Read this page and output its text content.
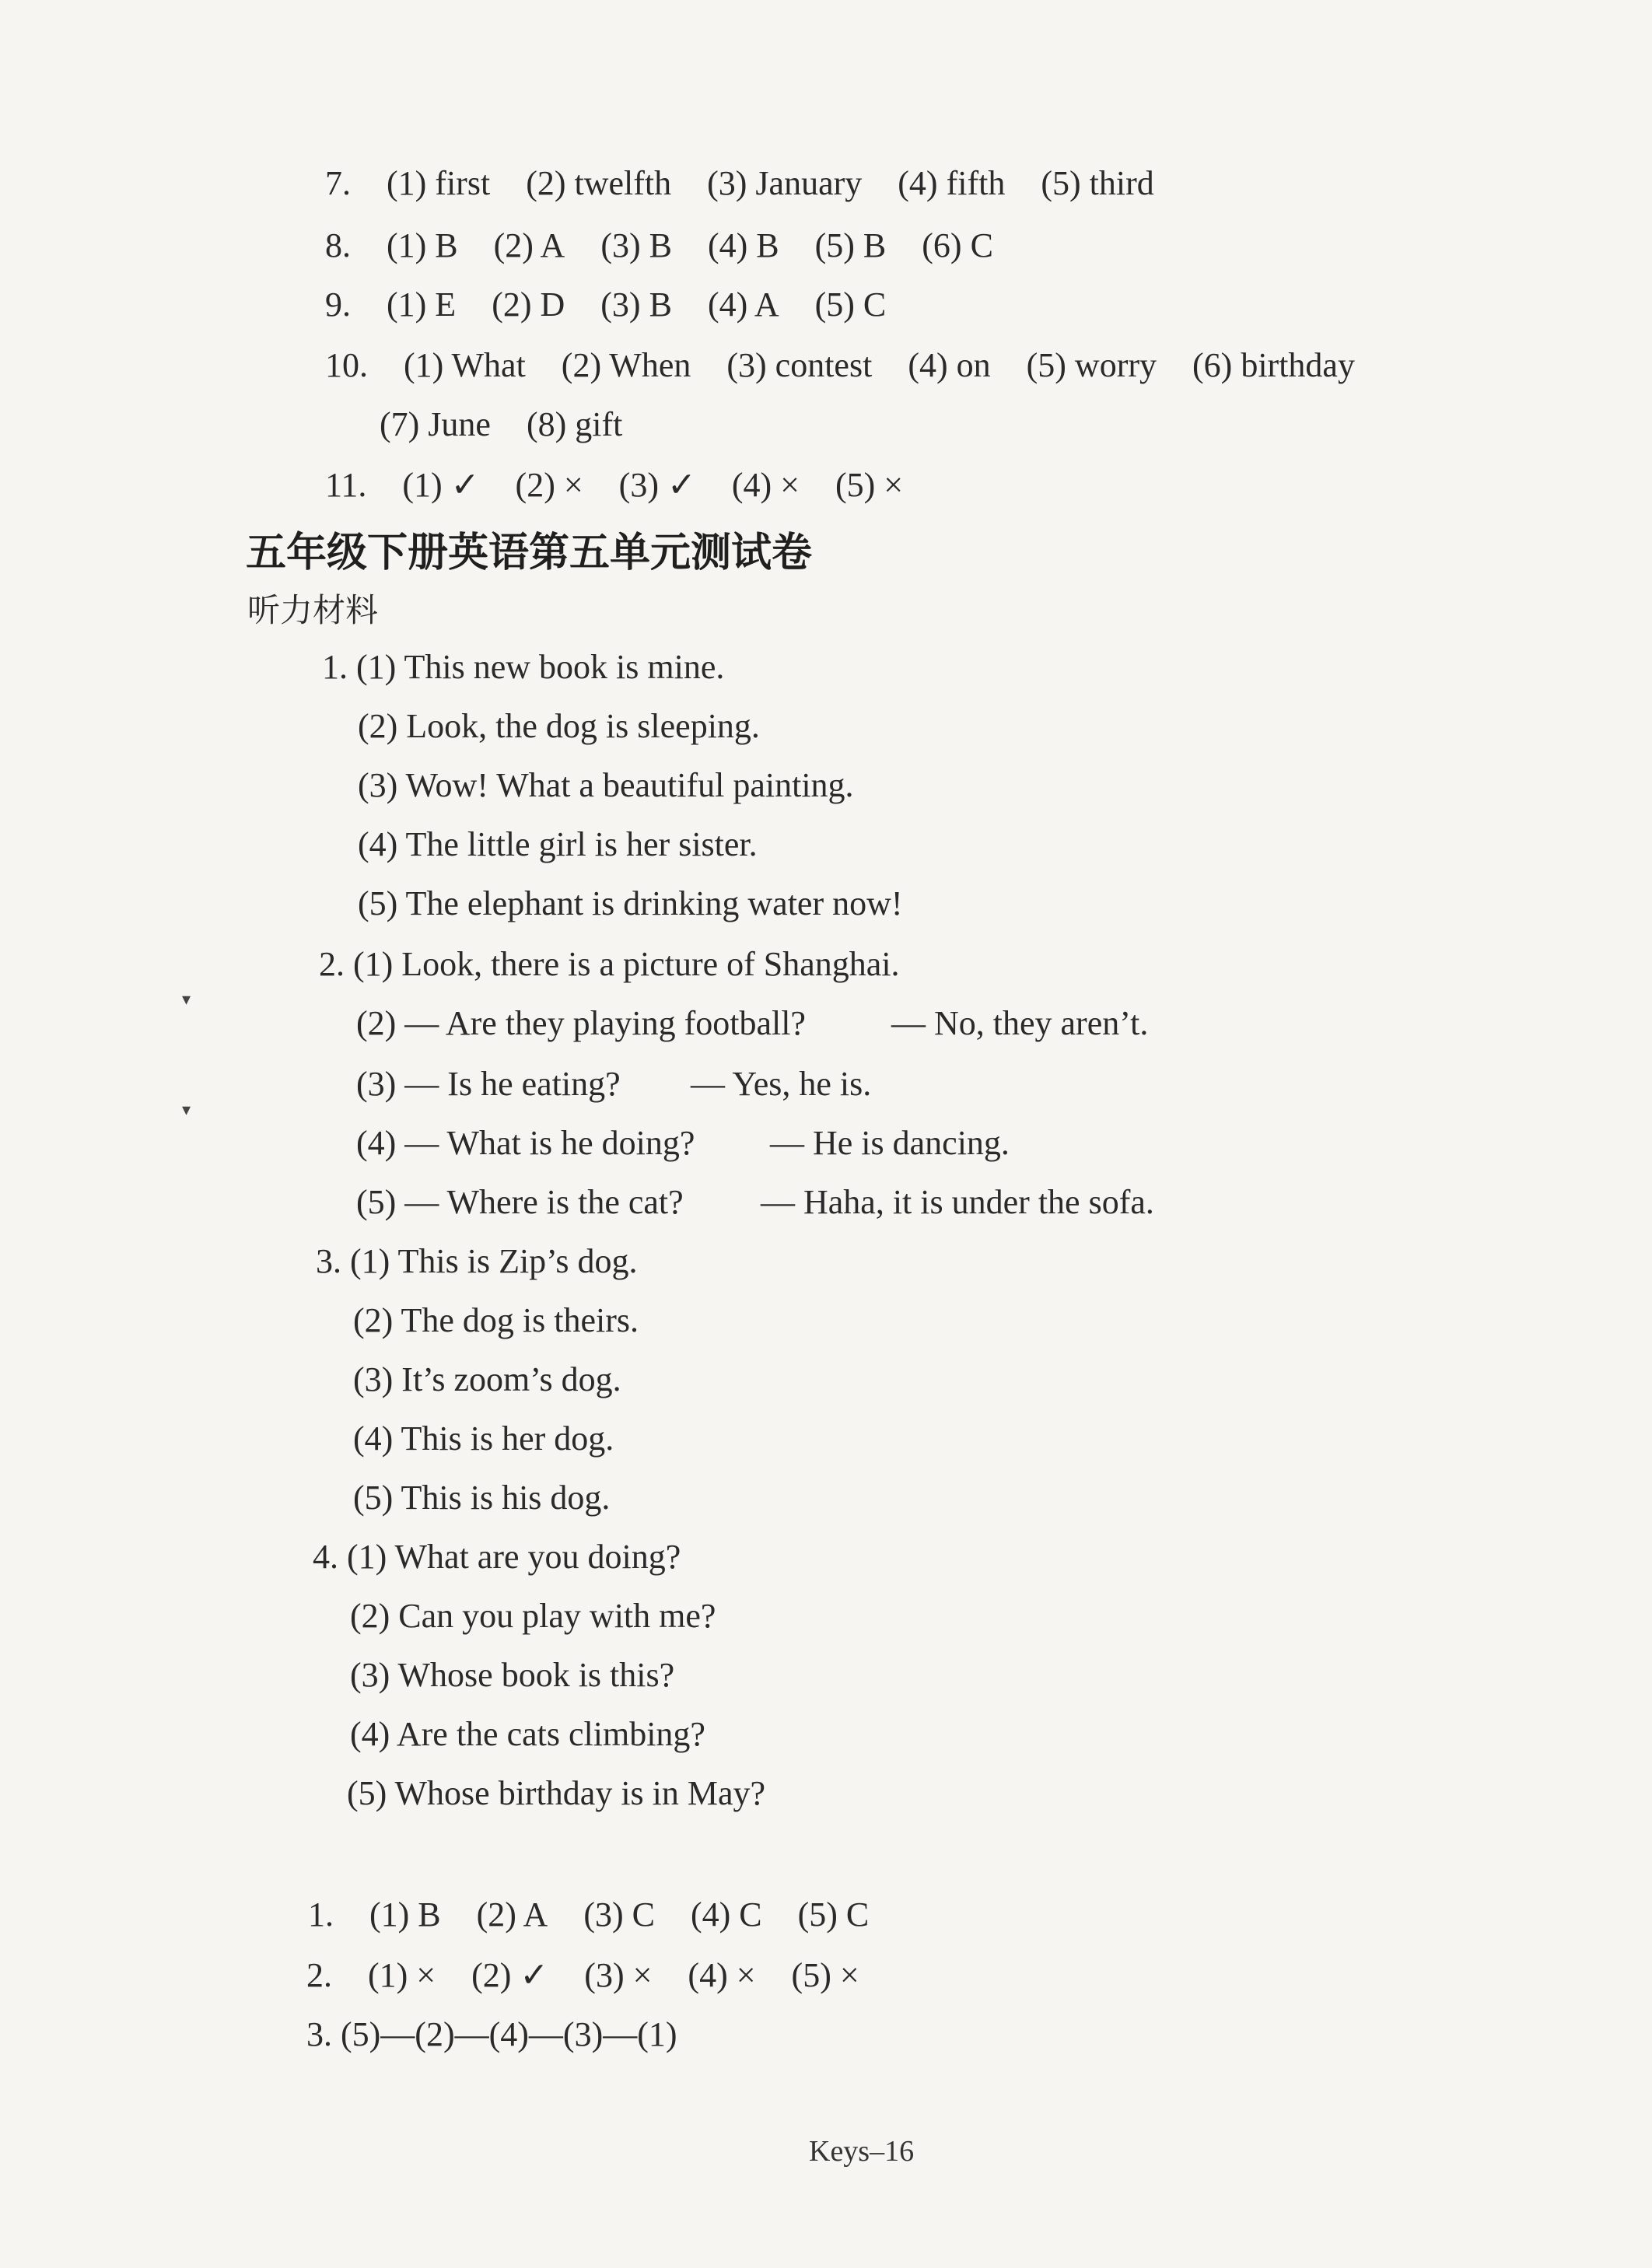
7. (1) first (2) twelfth (3) January (4) fifth (5) third
8. (1) B (2) A (3) B (4) B (5) B (6) C
9. (1) E (2) D (3) B (4) A (5) C
10. (1) What (2) When (3) contest (4) on (5) worry (6) birthday
(7) June (8) gift
11. (1) ✓ (2) × (3) ✓ (4) × (5) ×
五年级下册英语第五单元测试卷
听力材料
1. (1) This new book is mine.
(2) Look, the dog is sleeping.
(3) Wow! What a beautiful painting.
(4) The little girl is her sister.
(5) The elephant is drinking water now!
2. (1) Look, there is a picture of Shanghai.
(2) — Are they playing football?	— No, they aren’t.
(3) — Is he eating? — Yes, he is.
(4) — What is he doing? — He is dancing.
(5) — Where is the cat? — Haha, it is under the sofa.
3. (1) This is Zip’s dog.
(2) The dog is theirs.
(3) It’s zoom’s dog.
(4) This is her dog.
(5) This is his dog.
4. (1) What are you doing?
(2) Can you play with me?
(3) Whose book is this?
(4) Are the cats climbing?
(5) Whose birthday is in May?
1. (1) B (2) A (3) C (4) C (5) C
2. (1) × (2) ✓ (3) × (4) × (5) ×
3. (5)—(2)—(4)—(3)—(1)
Keys–16
▾
▾
